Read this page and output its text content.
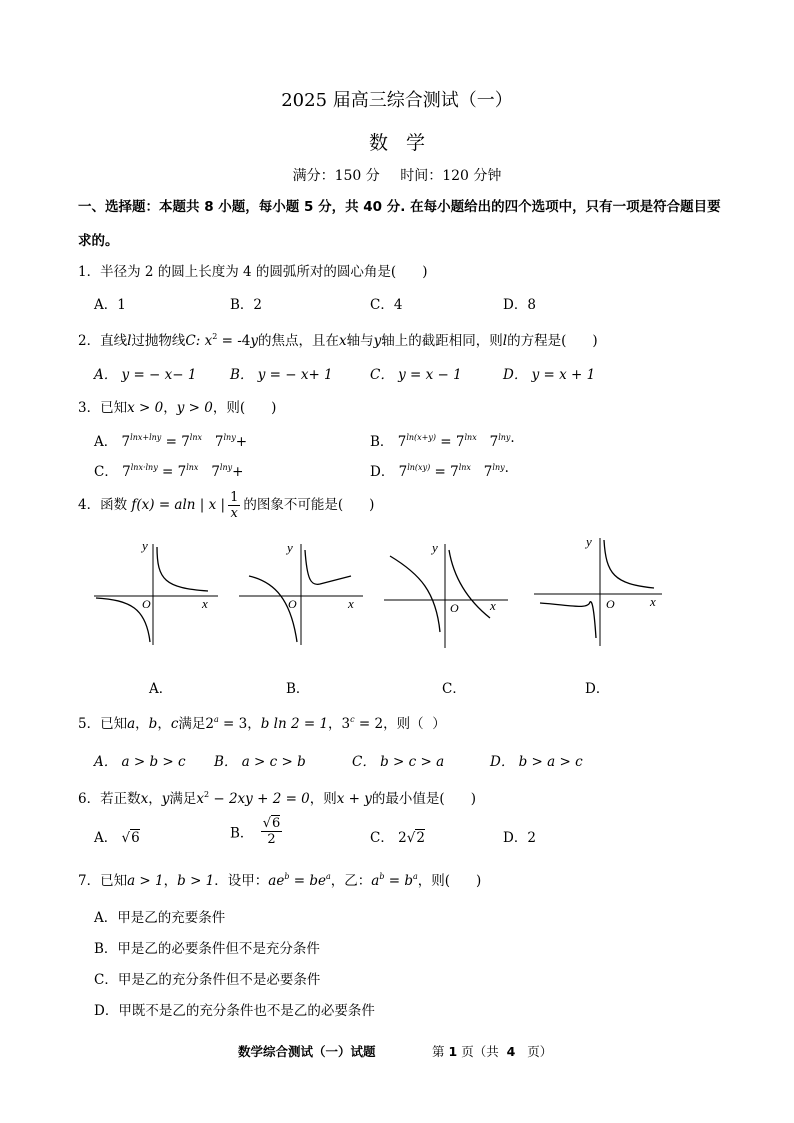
2025 届高三综合测试（一）
数学
满分：150 分 时间：120 分钟
一、选择题：本题共 8 小题，每小题 5 分，共 40 分. 在每小题给出的四个选项中，只有一项是符合题目要求的。
1．半径为 2 的圆上长度为 4 的圆弧所对的圆心角是( )
A．1	B．2	C．4	D．8
2．直线l过抛物线C: $x^2 = -4y$的焦点，且在x轴与y轴上的截距相同，则l的方程是( )
A． y = − x− 1 B． y = − x+ 1	C． y = x − 1	D． y = x + 1
3．已知x > 0，y > 0，则( )
A． $7^{lnx+lny} = 7^{lnx}$ $7^{lny}+$	B． $7^{ln(x+y)} = 7^{lnx}$ $7^{lny}\cdot$
C． $7^{lnx\cdot lny} = 7^{lnx}$ $7^{lny}+$	D． $7^{ln(xy)} = 7^{lnx}$ $7^{lny}\cdot$
4．函数 f(x) = aln | x | $\frac{1}{x}$ 的图象不可能是( )
y
x
O
y
x
O
y
x
O
y
x
O
A．	B．	C．	D．
5．已知a，b，c满足$2^a = 3$，b ln 2 = 1，$3^c = 2$，则（ ）
A． a > b > c B． a > c > b	C． b > c > a	D． b > a > c
6．若正数x，y满足$x^2 - 2xy + 2 = 0$，则x + y的最小值是( )
A． √6	B． $\frac{√6}{2}$	C． 2√2	D．2
7．已知a > 1，b > 1．设甲：$ae^b = be^a$，乙：$a^b = b^a$，则( )
A．甲是乙的充要条件
B．甲是乙的必要条件但不是充分条件
C．甲是乙的充分条件但不是必要条件
D．甲既不是乙的充分条件也不是乙的必要条件
数学综合测试（一）试题	第 1 页（共 4 页）
